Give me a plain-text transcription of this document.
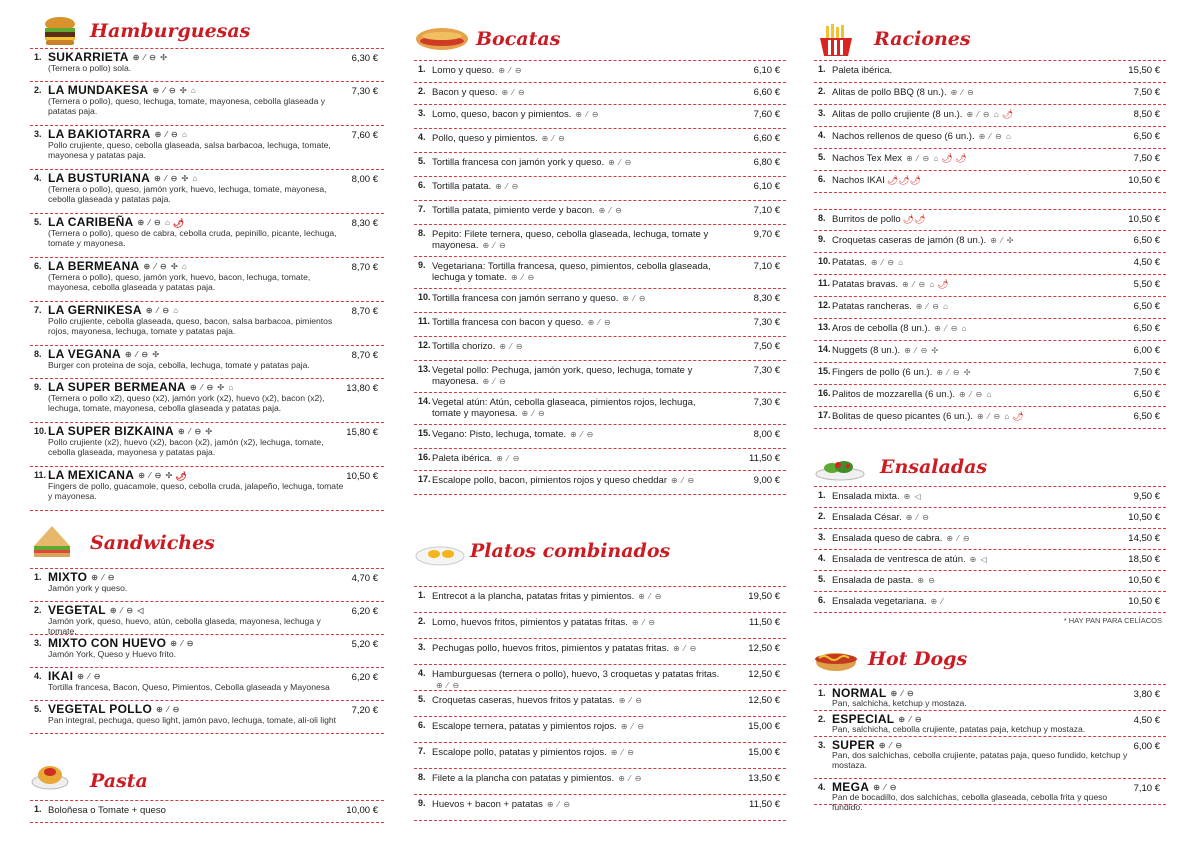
Hamburguesas
1. SUKARRIETA ⊕ ⁄ ⊖ ✣
(Ternera o pollo) sola.
6,30 €
2. LA MUNDAKESA ⊕ ⁄ ⊖ ✣ ⌂
(Ternera o pollo), queso, lechuga, tomate, mayonesa, cebolla glaseada y patatas paja.
7,30 €
3. LA BAKIOTARRA ⊕ ⁄ ⊖ ⌂
Pollo crujiente, queso, cebolla glaseada, salsa barbacoa, lechuga, tomate, mayonesa y patatas paja.
7,60 €
4. LA BUSTURIANA ⊕ ⁄ ⊖ ✣ ⌂
(Ternera o pollo), queso, jamón york, huevo, lechuga, tomate, mayonesa, cebolla glaseada y patatas paja.
8,00 €
5. LA CARIBEÑA ⊕ ⁄ ⊖ ⌂ 🌶
(Ternera o pollo), queso de cabra, cebolla cruda, pepinillo, picante, lechuga, tomate y mayonesa.
8,30 €
6. LA BERMEANA ⊕ ⁄ ⊖ ✣ ⌂
(Ternera o pollo), queso, jamón york, huevo, bacon, lechuga, tomate, mayonesa, cebolla glaseada y patatas paja.
8,70 €
7. LA GERNIKESA ⊕ ⁄ ⊖ ⌂
Pollo crujiente, cebolla glaseada, queso, bacon, salsa barbacoa, pimientos rojos, mayonesa, lechuga, tomate y patatas paja.
8,70 €
8. LA VEGANA ⊕ ⁄ ⊖ ✣
Burger con proteina de soja, cebolla, lechuga, tomate y patatas paja.
8,70 €
9. LA SUPER BERMEANA ⊕ ⁄ ⊖ ✣ ⌂
(Ternera o pollo x2), queso (x2), jamón york (x2), huevo (x2), bacon (x2), lechuga, tomate, mayonesa, cebolla glaseada y patatas paja.
13,80 €
10. LA SUPER BIZKAINA ⊕ ⁄ ⊖ ✣
Pollo crujiente (x2), huevo (x2), bacon (x2), jamón (x2), lechuga, tomate, cebolla glaseada, mayonesa y patatas paja.
15,80 €
11. LA MEXICANA ⊕ ⁄ ⊖ ✣ 🌶
Fingers de pollo, guacamole, queso, cebolla cruda, jalapeño, lechuga, tomate y mayonesa.
10,50 €
Sandwiches
1. MIXTO ⊕ ⁄ ⊖
Jamón york y queso.
4,70 €
2. VEGETAL ⊕ ⁄ ⊖ ◁
Jamón york, queso, huevo, atún, cebolla glaseda, mayonesa, lechuga y tomate.
6,20 €
3. MIXTO CON HUEVO ⊕ ⁄ ⊖
Jamón York, Queso y Huevo frito.
5,20 €
4. IKAI ⊕ ⁄ ⊖
Tortilla francesa, Bacon, Queso, Pimientos, Cebolla glaseada y Mayonesa
6,20 €
5. VEGETAL POLLO ⊕ ⁄ ⊖
Pan integral, pechuga, queso light, jamón pavo, lechuga, tomate, ali-oli light
7,20 €
Pasta
1. Boloñesa o Tomate + queso	10,00 €
Bocatas
1. Lomo y queso. ⊕ ⁄ ⊖	6,10 €
2. Bacon y queso. ⊕ ⁄ ⊖	6,60 €
3. Lomo, queso, bacon y pimientos. ⊕ ⁄ ⊖	7,60 €
4. Pollo, queso y pimientos. ⊕ ⁄ ⊖	6,60 €
5. Tortilla francesa con jamón york y queso. ⊕ ⁄ ⊖	6,80 €
6. Tortilla patata. ⊕ ⁄ ⊖	6,10 €
7. Tortilla patata, pimiento verde y bacon. ⊕ ⁄ ⊖	7,10 €
8. Pepito: Filete ternera, queso, cebolla glaseada, lechuga, tomate y mayonesa. ⊕ ⁄ ⊖
9,70 €
9. Vegetariana: Tortilla francesa, queso, pimientos, cebolla glaseada, lechuga y tomate. ⊕ ⁄ ⊖
7,10 €
10. Tortilla francesa con jamón serrano y queso. ⊕ ⁄ ⊖	8,30 €
11. Tortilla francesa con bacon y queso. ⊕ ⁄ ⊖	7,30 €
12. Tortilla chorizo. ⊕ ⁄ ⊖	7,50 €
13. Vegetal pollo: Pechuga, jamón york, queso, lechuga, tomate y mayonesa. ⊕ ⁄ ⊖
7,30 €
14. Vegetal atún: Atún, cebolla glaseaca, pimientos rojos, lechuga, tomate y mayonesa. ⊕ ⁄ ⊖
7,30 €
15. Vegano: Pisto, lechuga, tomate. ⊕ ⁄ ⊖	8,00 €
16. Paleta ibérica. ⊕ ⁄ ⊖	11,50 €
17. Escalope pollo, bacon, pimientos rojos y queso cheddar ⊕ ⁄ ⊖	9,00 €
Platos combinados
1. Entrecot a la plancha, patatas fritas y pimientos. ⊕ ⁄ ⊖	19,50 €
2. Lomo, huevos fritos, pimientos y patatas fritas. ⊕ ⁄ ⊖	11,50 €
3. Pechugas pollo, huevos fritos, pimientos y patatas fritas. ⊕ ⁄ ⊖	12,50 €
4. Hamburguesas (ternera o pollo), huevo, 3 croquetas y patatas fritas.⊕ ⁄ ⊖
12,50 €
5. Croquetas caseras, huevos fritos y patatas. ⊕ ⁄ ⊖	12,50 €
6. Escalope ternera, patatas y pimientos rojos. ⊕ ⁄ ⊖	15,00 €
7. Escalope pollo, patatas y pimientos rojos. ⊕ ⁄ ⊖	15,00 €
8. Filete a la plancha con patatas y pimientos. ⊕ ⁄ ⊖	13,50 €
9. Huevos + bacon + patatas ⊕ ⁄ ⊖	11,50 €
Raciones
1. Paleta ibérica.	15,50 €
2. Alitas de pollo BBQ (8 un.). ⊕ ⁄ ⊖	7,50 €
3. Alitas de pollo crujiente (8 un.). ⊕ ⁄ ⊖ ⌂ 🌶	8,50 €
4. Nachos rellenos de queso (6 un.). ⊕ ⁄ ⊖ ⌂	6,50 €
5. Nachos Tex Mex ⊕ ⁄ ⊖ ⌂ 🌶 🌶	7,50 €
6. Nachos IKAI 🌶🌶🌶	10,50 €
8. Burritos de pollo 🌶🌶	10,50 €
9. Croquetas caseras de jamón (8 un.). ⊕ ⁄ ✣	6,50 €
10. Patatas. ⊕ ⁄ ⊖ ⌂	4,50 €
11. Patatas bravas. ⊕ ⁄ ⊖ ⌂ 🌶	5,50 €
12. Patatas rancheras. ⊕ ⁄ ⊖ ⌂	6,50 €
13. Aros de cebolla (8 un.). ⊕ ⁄ ⊖ ⌂	6,50 €
14. Nuggets (8 un.). ⊕ ⁄ ⊖ ✣	6,00 €
15. Fingers de pollo (6 un.). ⊕ ⁄ ⊖ ✣	7,50 €
16. Palitos de mozzarella (6 un.). ⊕ ⁄ ⊖ ⌂	6,50 €
17. Bolitas de queso picantes (6 un.). ⊕ ⁄ ⊖ ⌂ 🌶	6,50 €
Ensaladas
1. Ensalada mixta. ⊕ ◁	9,50 €
2. Ensalada César. ⊕ ⁄ ⊖	10,50 €
3. Ensalada queso de cabra. ⊕ ⁄ ⊖	14,50 €
4. Ensalada de ventresca de atún. ⊕ ◁	18,50 €
5. Ensalada de pasta. ⊕ ⊖	10,50 €
6. Ensalada vegetariana. ⊕ ⁄	10,50 €
* HAY PAN PARA CELÍACOS
Hot Dogs
1. NORMAL ⊕ ⁄ ⊖
Pan, salchicha, ketchup y mostaza.
3,80 €
2. ESPECIAL ⊕ ⁄ ⊖
Pan, salchicha, cebolla crujiente, patatas paja, ketchup y mostaza.
4,50 €
3. SUPER ⊕ ⁄ ⊖
Pan, dos salchichas, cebolla crujiente, patatas paja, queso fundido, ketchup y mostaza.
6,00 €
4. MEGA ⊕ ⁄ ⊖
Pan de bocadillo, dos salchichas, cebolla glaseada, cebolla frita y queso fundido.
7,10 €
